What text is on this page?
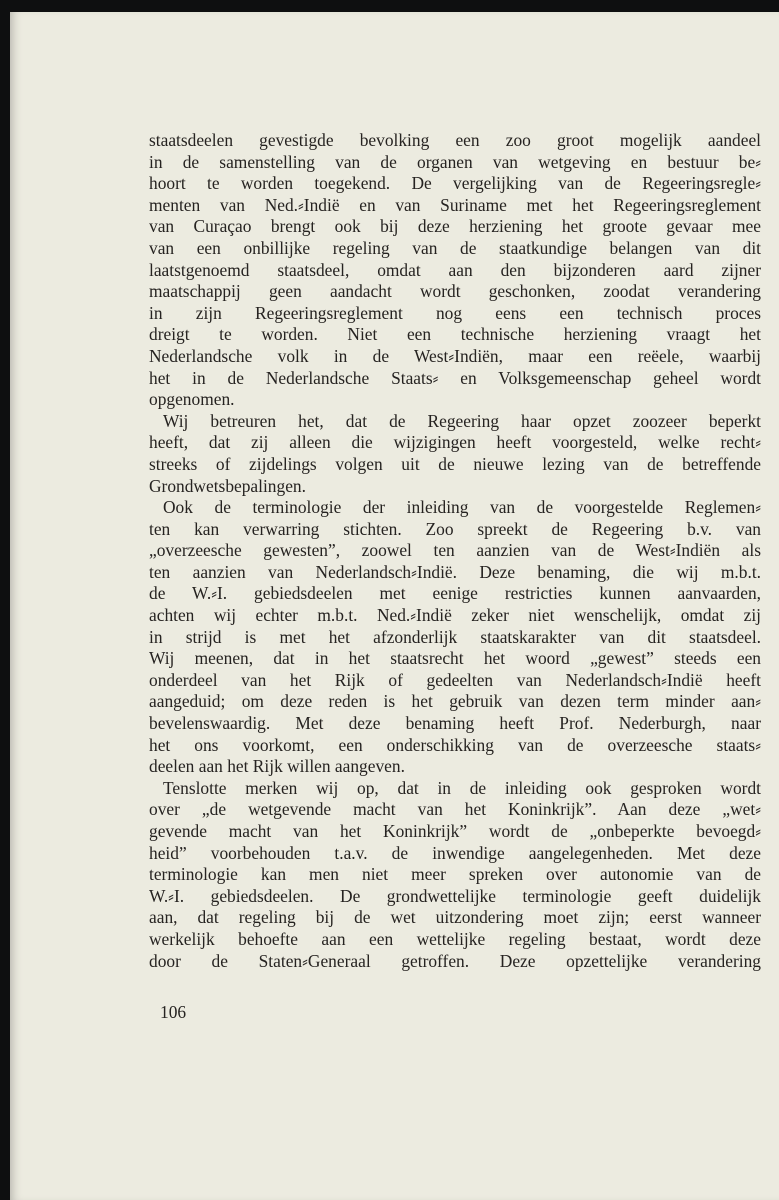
staatsdeelen gevestigde bevolking een zoo groot mogelijk aandeel
in de samenstelling van de organen van wetgeving en bestuur be⸗
hoort te worden toegekend. De vergelijking van de Regeeringsregle⸗
menten van Ned.⸗Indië en van Suriname met het Regeeringsreglement
van Curaçao brengt ook bij deze herziening het groote gevaar mee
van een onbillijke regeling van de staatkundige belangen van dit
laatstgenoemd staatsdeel, omdat aan den bijzonderen aard zijner
maatschappij geen aandacht wordt geschonken, zoodat verandering
in zijn Regeeringsreglement nog eens een technisch proces
dreigt te worden. Niet een technische herziening vraagt het
Nederlandsche volk in de West⸗Indiën, maar een reëele, waarbij
het in de Nederlandsche Staats⸗ en Volksgemeenschap geheel wordt
opgenomen.
Wij betreuren het, dat de Regeering haar opzet zoozeer beperkt
heeft, dat zij alleen die wijzigingen heeft voorgesteld, welke recht⸗
streeks of zijdelings volgen uit de nieuwe lezing van de betreffende
Grondwetsbepalingen.
Ook de terminologie der inleiding van de voorgestelde Reglemen⸗
ten kan verwarring stichten. Zoo spreekt de Regeering b.v. van
„overzeesche gewesten”, zoowel ten aanzien van de West⸗Indiën als
ten aanzien van Nederlandsch⸗Indië. Deze benaming, die wij m.b.t.
de W.⸗I. gebiedsdeelen met eenige restricties kunnen aanvaarden,
achten wij echter m.b.t. Ned.⸗Indië zeker niet wenschelijk, omdat zij
in strijd is met het afzonderlijk staatskarakter van dit staatsdeel.
Wij meenen, dat in het staatsrecht het woord „gewest” steeds een
onderdeel van het Rijk of gedeelten van Nederlandsch⸗Indië heeft
aangeduid; om deze reden is het gebruik van dezen term minder aan⸗
bevelenswaardig. Met deze benaming heeft Prof. Nederburgh, naar
het ons voorkomt, een onderschikking van de overzeesche staats⸗
deelen aan het Rijk willen aangeven.
Tenslotte merken wij op, dat in de inleiding ook gesproken wordt
over „de wetgevende macht van het Koninkrijk”. Aan deze „wet⸗
gevende macht van het Koninkrijk” wordt de „onbeperkte bevoegd⸗
heid” voorbehouden t.a.v. de inwendige aangelegenheden. Met deze
terminologie kan men niet meer spreken over autonomie van de
W.⸗I. gebiedsdeelen. De grondwettelijke terminologie geeft duidelijk
aan, dat regeling bij de wet uitzondering moet zijn; eerst wanneer
werkelijk behoefte aan een wettelijke regeling bestaat, wordt deze
door de Staten⸗Generaal getroffen. Deze opzettelijke verandering
106
